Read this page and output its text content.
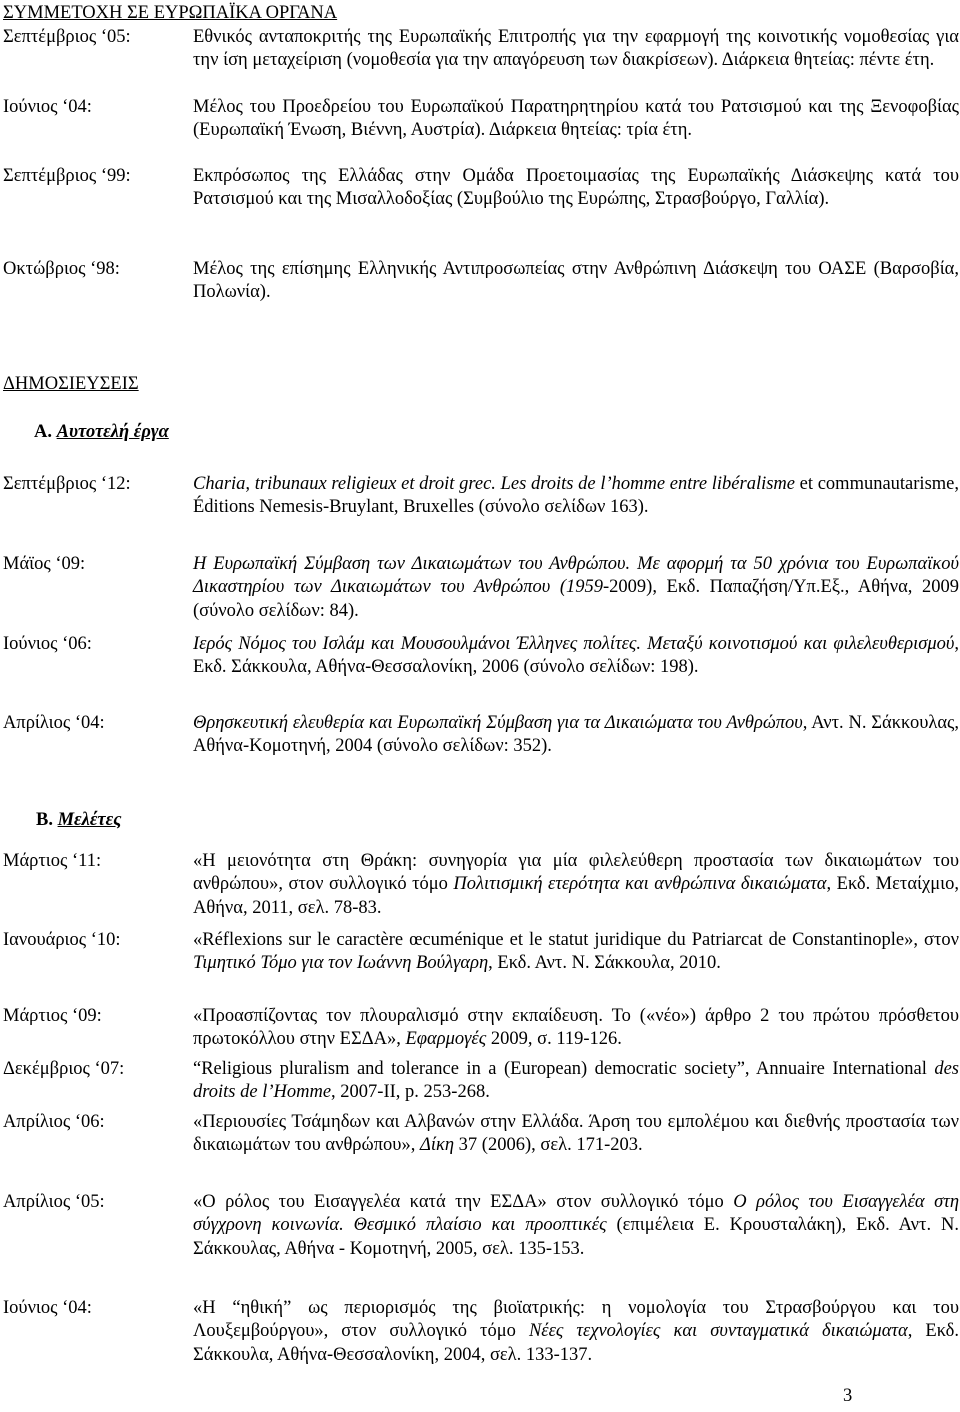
ΣΥΜΜΕΤΟΧΗ ΣΕ ΕΥΡΩΠΑΪΚΑ ΟΡΓΑΝΑ
Σεπτέμβριος ‘05:	Εθνικός ανταποκριτής της Ευρωπαϊκής Επιτροπής για την εφαρμογή της κοινοτικής νομοθεσίας για την ίση μεταχείριση (νομοθεσία για την απαγόρευση των διακρίσεων). Διάρκεια θητείας: πέντε έτη.
Ιούνιος ‘04:	Μέλος του Προεδρείου του Ευρωπαϊκού Παρατηρητηρίου κατά του Ρατσισμού και της Ξενοφοβίας (Ευρωπαϊκή Ένωση, Βιέννη, Αυστρία). Διάρκεια θητείας: τρία έτη.
Σεπτέμβριος ‘99:	Εκπρόσωπος της Ελλάδας στην Ομάδα Προετοιμασίας της Ευρωπαϊκής Διάσκεψης κατά του Ρατσισμού και της Μισαλλοδοξίας (Συμβούλιο της Ευρώπης, Στρασβούργο, Γαλλία).
Οκτώβριος ‘98:	Μέλος της επίσημης Ελληνικής Αντιπροσωπείας στην Ανθρώπινη Διάσκεψη του ΟΑΣΕ (Βαρσοβία, Πολωνία).
ΔΗΜΟΣΙΕΥΣΕΙΣ
Α. Αυτοτελή έργα
Σεπτέμβριος ‘12:	Charia, tribunaux religieux et droit grec. Les droits de l’homme entre libéralisme et communautarisme, Éditions Nemesis-Bruylant, Bruxelles (σύνολο σελίδων 163).
Μάϊος ‘09:	Η Ευρωπαϊκή Σύμβαση των Δικαιωμάτων του Ανθρώπου. Με αφορμή τα 50 χρόνια του Ευρωπαϊκού Δικαστηρίου των Δικαιωμάτων του Ανθρώπου (1959-2009), Εκδ. Παπαζήση/Υπ.Εξ., Αθήνα, 2009 (σύνολο σελίδων: 84).
Ιούνιος ‘06:	Ιερός Νόμος του Ισλάμ και Μουσουλμάνοι Έλληνες πολίτες. Μεταξύ κοινοτισμού και φιλελευθερισμού, Εκδ. Σάκκουλα, Αθήνα-Θεσσαλονίκη, 2006 (σύνολο σελίδων: 198).
Απρίλιος ‘04:	Θρησκευτική ελευθερία και Ευρωπαϊκή Σύμβαση για τα Δικαιώματα του Ανθρώπου, Αντ. Ν. Σάκκουλας, Αθήνα-Κομοτηνή, 2004 (σύνολο σελίδων: 352).
Β. Μελέτες
Μάρτιος ‘11:	«Η μειονότητα στη Θράκη: συνηγορία για μία φιλελεύθερη προστασία των δικαιωμάτων του ανθρώπου», στον συλλογικό τόμο Πολιτισμική ετερότητα και ανθρώπινα δικαιώματα, Εκδ. Μεταίχμιο, Αθήνα, 2011, σελ. 78-83.
Ιανουάριος ‘10:	«Réflexions sur le caractère œcuménique et le statut juridique du Patriarcat de Constantinople», στον Τιμητικό Τόμο για τον Ιωάννη Βούλγαρη, Εκδ. Αντ. Ν. Σάκκουλα, 2010.
Μάρτιος ‘09:	«Προασπίζοντας τον πλουραλισμό στην εκπαίδευση. Το («νέο») άρθρο 2 του πρώτου πρόσθετου πρωτοκόλλου στην ΕΣΔΑ», Εφαρμογές 2009, σ. 119-126.
Δεκέμβριος ‘07:	“Religious pluralism and tolerance in a (European) democratic society”, Annuaire International des droits de l’Homme, 2007-II, p. 253-268.
Απρίλιος ‘06:	«Περιουσίες Τσάμηδων και Αλβανών στην Ελλάδα. Άρση του εμπολέμου και διεθνής προστασία των δικαιωμάτων του ανθρώπου», Δίκη 37 (2006), σελ. 171-203.
Απρίλιος ‘05:	«Ο ρόλος του Εισαγγελέα κατά την ΕΣΔΑ» στον συλλογικό τόμο Ο ρόλος του Εισαγγελέα στη σύγχρονη κοινωνία. Θεσμικό πλαίσιο και προοπτικές (επιμέλεια Ε. Κρουσταλάκη), Εκδ. Αντ. Ν. Σάκκουλας, Αθήνα - Κομοτηνή, 2005, σελ. 135-153.
Ιούνιος ‘04:	«Η “ηθική” ως περιορισμός της βιοϊατρικής: η νομολογία του Στρασβούργου και του Λουξεμβούργου», στον συλλογικό τόμο Νέες τεχνολογίες και συνταγματικά δικαιώματα, Εκδ. Σάκκουλα, Αθήνα-Θεσσαλονίκη, 2004, σελ. 133-137.
3
